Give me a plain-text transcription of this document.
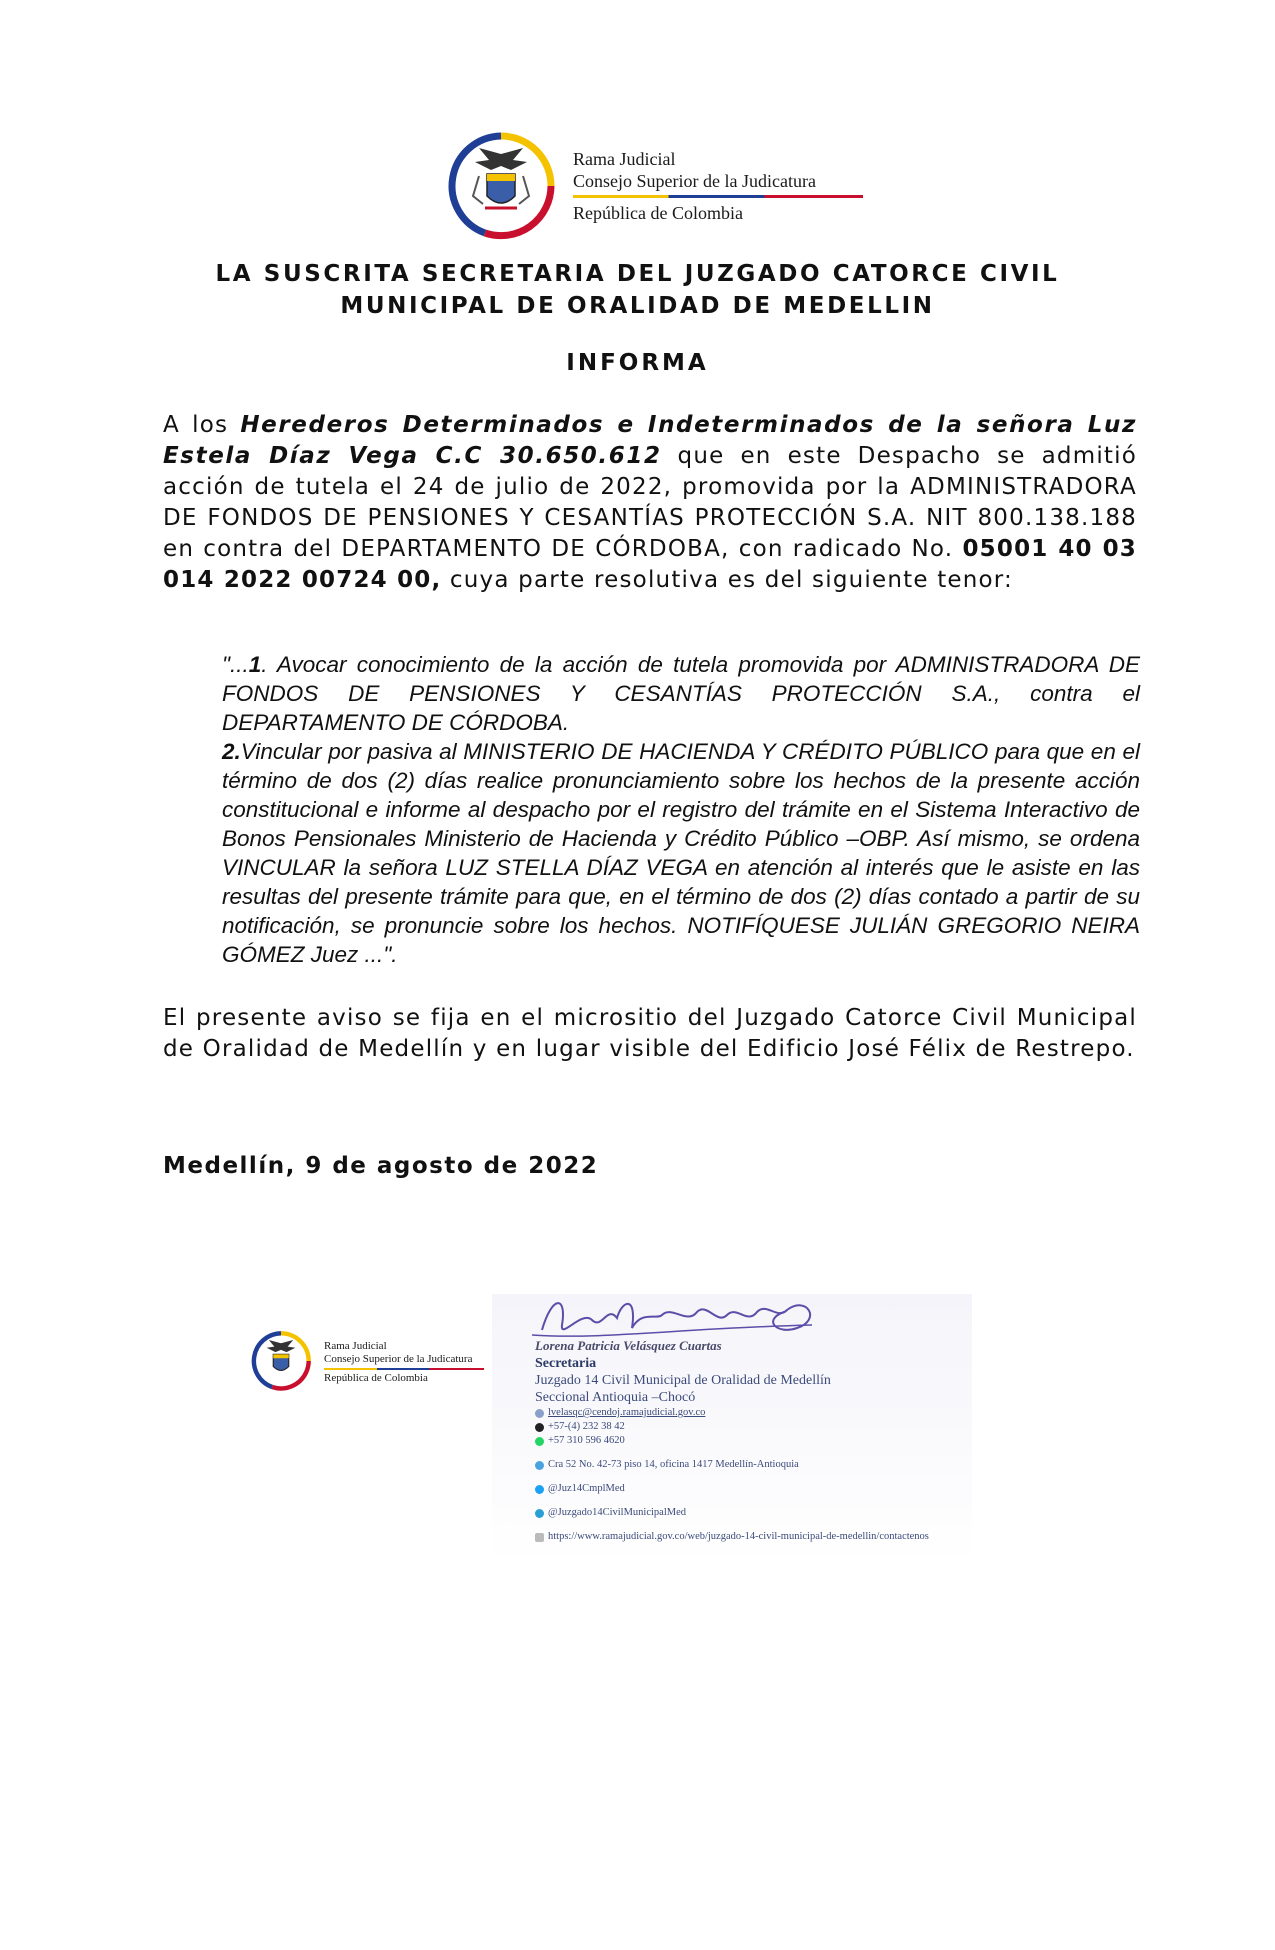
Rama Judicial
Consejo Superior de la Judicatura
República de Colombia
LA SUSCRITA SECRETARIA DEL JUZGADO CATORCE CIVIL
MUNICIPAL DE ORALIDAD DE MEDELLIN
INFORMA
A los Herederos Determinados e Indeterminados de la señora Luz Estela Díaz Vega C.C 30.650.612 que en este Despacho se admitió acción de tutela el 24 de julio de 2022, promovida por la ADMINISTRADORA DE FONDOS DE PENSIONES Y CESANTÍAS PROTECCIÓN S.A. NIT 800.138.188 en contra del DEPARTAMENTO DE CÓRDOBA, con radicado No. 05001 40 03 014 2022 00724 00, cuya parte resolutiva es del siguiente tenor:
"...1. Avocar conocimiento de la acción de tutela promovida por ADMINISTRADORA DE FONDOS DE PENSIONES Y CESANTÍAS PROTECCIÓN S.A., contra el DEPARTAMENTO DE CÓRDOBA.
2.Vincular por pasiva al MINISTERIO DE HACIENDA Y CRÉDITO PÚBLICO para que en el término de dos (2) días realice pronunciamiento sobre los hechos de la presente acción constitucional e informe al despacho por el registro del trámite en el Sistema Interactivo de Bonos Pensionales Ministerio de Hacienda y Crédito Público –OBP. Así mismo, se ordena VINCULAR la señora LUZ STELLA DÍAZ VEGA en atención al interés que le asiste en las resultas del presente trámite para que, en el término de dos (2) días contado a partir de su notificación, se pronuncie sobre los hechos. NOTIFÍQUESE JULIÁN GREGORIO NEIRA GÓMEZ Juez ...".
El presente aviso se fija en el micrositio del Juzgado Catorce Civil Municipal de Oralidad de Medellín y en lugar visible del Edificio José Félix de Restrepo.
Medellín, 9 de agosto de 2022
Rama Judicial
Consejo Superior de la Judicatura
República de Colombia
Lorena Patricia Velásquez Cuartas
Secretaria
Juzgado 14 Civil Municipal de Oralidad de Medellín
Seccional Antioquia –Chocó
lvelasqc@cendoj.ramajudicial.gov.co
+57-(4) 232 38 42
+57 310 596 4620
Cra 52 No. 42-73 piso 14, oficina 1417 Medellín-Antioquia
@Juz14CmplMed
@Juzgado14CivilMunicipalMed
https://www.ramajudicial.gov.co/web/juzgado-14-civil-municipal-de-medellin/contactenos
